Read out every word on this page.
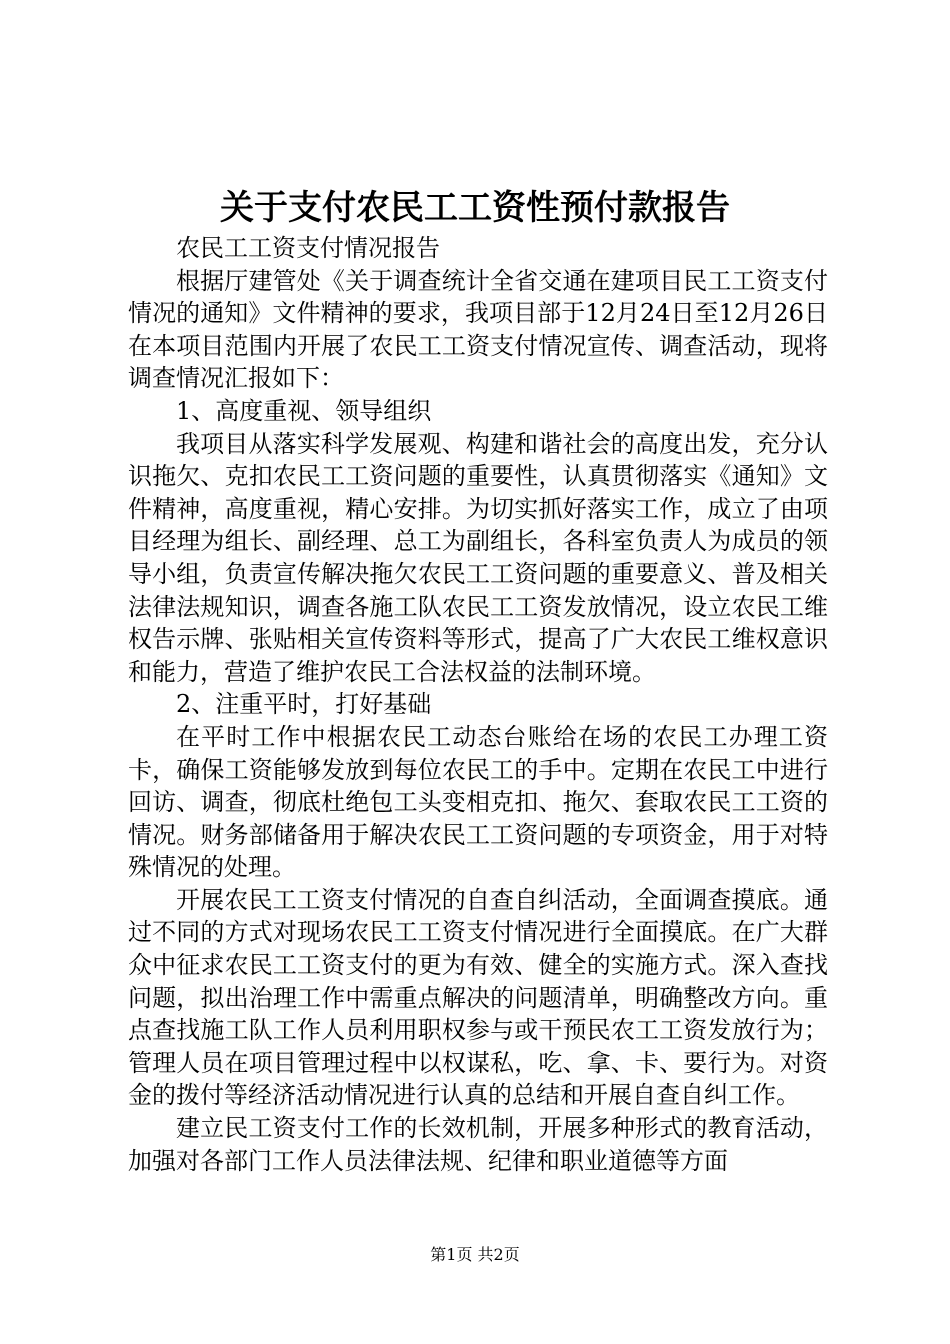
关于支付农民工工资性预付款报告

农民工工资支付情况报告

根据厅建管处《关于调查统计全省交通在建项目民工工资支付情况的通知》文件精神的要求，我项目部于12月24日至12月26日在本项目范围内开展了农民工工资支付情况宣传、调查活动，现将调查情况汇报如下：

1、高度重视、领导组织

我项目从落实科学发展观、构建和谐社会的高度出发，充分认识拖欠、克扣农民工工资问题的重要性，认真贯彻落实《通知》文件精神，高度重视，精心安排。为切实抓好落实工作，成立了由项目经理为组长、副经理、总工为副组长，各科室负责人为成员的领导小组，负责宣传解决拖欠农民工工资问题的重要意义、普及相关法律法规知识，调查各施工队农民工工资发放情况，设立农民工维权告示牌、张贴相关宣传资料等形式，提高了广大农民工维权意识和能力，营造了维护农民工合法权益的法制环境。

2、注重平时，打好基础

在平时工作中根据农民工动态台账给在场的农民工办理工资卡，确保工资能够发放到每位农民工的手中。定期在农民工中进行回访、调查，彻底杜绝包工头变相克扣、拖欠、套取农民工工资的情况。财务部储备用于解决农民工工资问题的专项资金，用于对特殊情况的处理。

开展农民工工资支付情况的自查自纠活动，全面调查摸底。通过不同的方式对现场农民工工资支付情况进行全面摸底。在广大群众中征求农民工工资支付的更为有效、健全的实施方式。深入查找问题，拟出治理工作中需重点解决的问题清单，明确整改方向。重点查找施工队工作人员利用职权参与或干预民农工工资发放行为；管理人员在项目管理过程中以权谋私，吃、拿、卡、要行为。对资金的拨付等经济活动情况进行认真的总结和开展自查自纠工作。

建立民工资支付工作的长效机制，开展多种形式的教育活动，加强对各部门工作人员法律法规、纪律和职业道德等方面

第1页 共2页
